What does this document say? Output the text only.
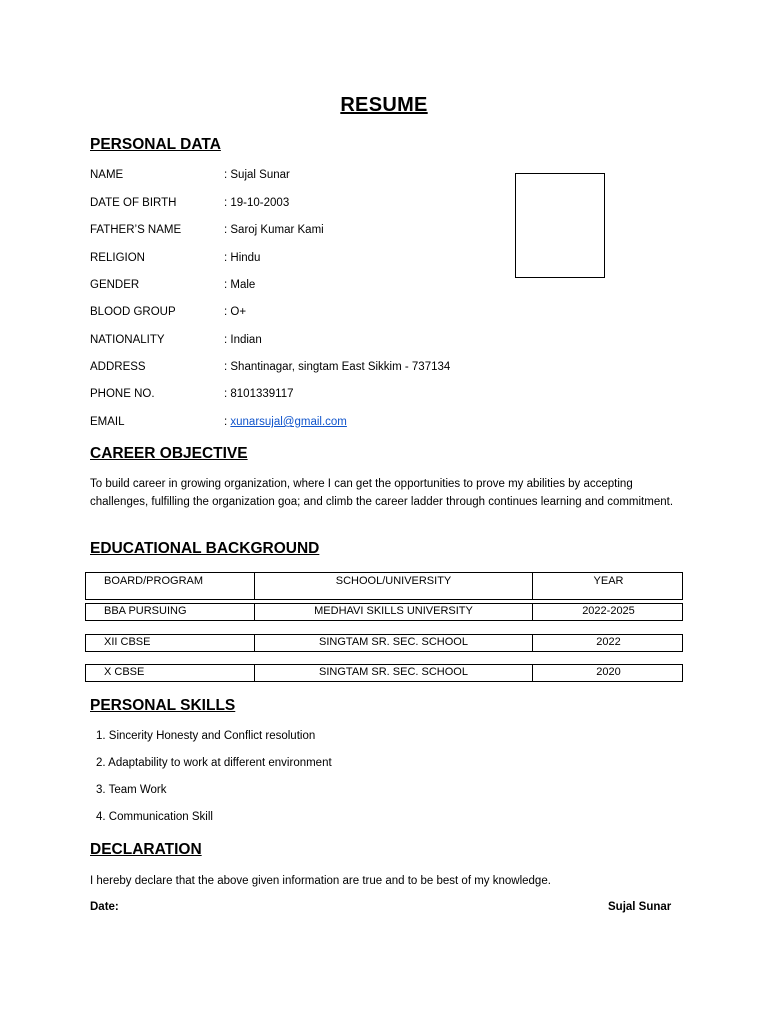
RESUME
PERSONAL DATA
NAME	: Sujal Sunar
DATE OF BIRTH	: 19-10-2003
FATHER’S NAME	: Saroj Kumar Kami
RELIGION	: Hindu
GENDER	: Male
BLOOD GROUP	: O+
NATIONALITY	: Indian
ADDRESS	: Shantinagar, singtam East Sikkim - 737134
PHONE NO.	: 8101339117
EMAIL	: xunarsujal@gmail.com
CAREER OBJECTIVE
To build career in growing organization, where I can get the opportunities to prove my abilities by accepting challenges, fulfilling the organization goa; and climb the career ladder through continues learning and commitment.
EDUCATIONAL BACKGROUND
BOARD/PROGRAM	SCHOOL/UNIVERSITY	YEAR
BBA PURSUING	MEDHAVI SKILLS UNIVERSITY	2022-2025
XII CBSE	SINGTAM SR. SEC. SCHOOL	2022
X CBSE	SINGTAM SR. SEC. SCHOOL	2020
PERSONAL SKILLS
1. Sincerity Honesty and Conflict resolution
2. Adaptability to work at different environment
3. Team Work
4. Communication Skill
DECLARATION
I hereby declare that the above given information are true and to be best of my knowledge.
Date:	Sujal Sunar
